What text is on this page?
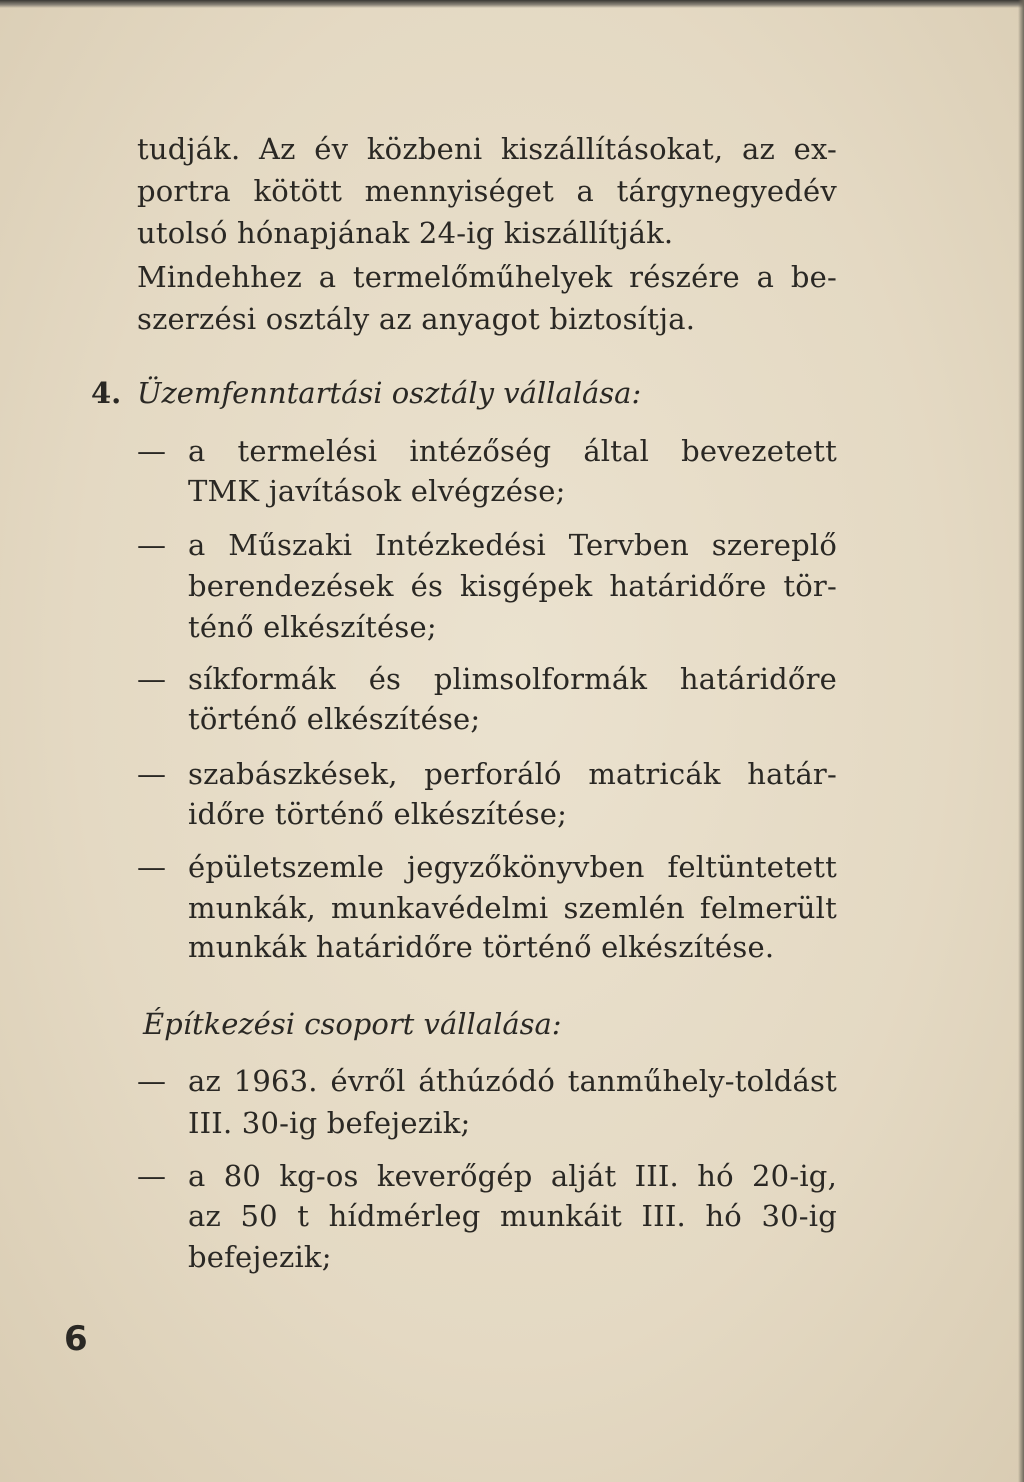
tudják. Az év közbeni kiszállításokat, az ex-
portra kötött mennyiséget a tárgynegyedév
utolsó hónapjának 24-ig kiszállítják.
Mindehhez a termelőműhelyek részére a be-
szerzési osztály az anyagot biztosítja.
4. Üzemfenntartási osztály vállalása:
— a termelési intézőség által bevezetett
TMK javítások elvégzése;
— a Műszaki Intézkedési Tervben szereplő
berendezések és kisgépek határidőre tör-
ténő elkészítése;
— síkformák és plimsolformák határidőre
történő elkészítése;
— szabászkések, perforáló matricák határ-
időre történő elkészítése;
— épületszemle jegyzőkönyvben feltüntetett
munkák, munkavédelmi szemlén felmerült
munkák határidőre történő elkészítése.
Építkezési csoport vállalása:
— az 1963. évről áthúzódó tanműhely-toldást
III. 30-ig befejezik;
— a 80 kg-os keverőgép alját III. hó 20-ig,
az 50 t hídmérleg munkáit III. hó 30-ig
befejezik;
6
